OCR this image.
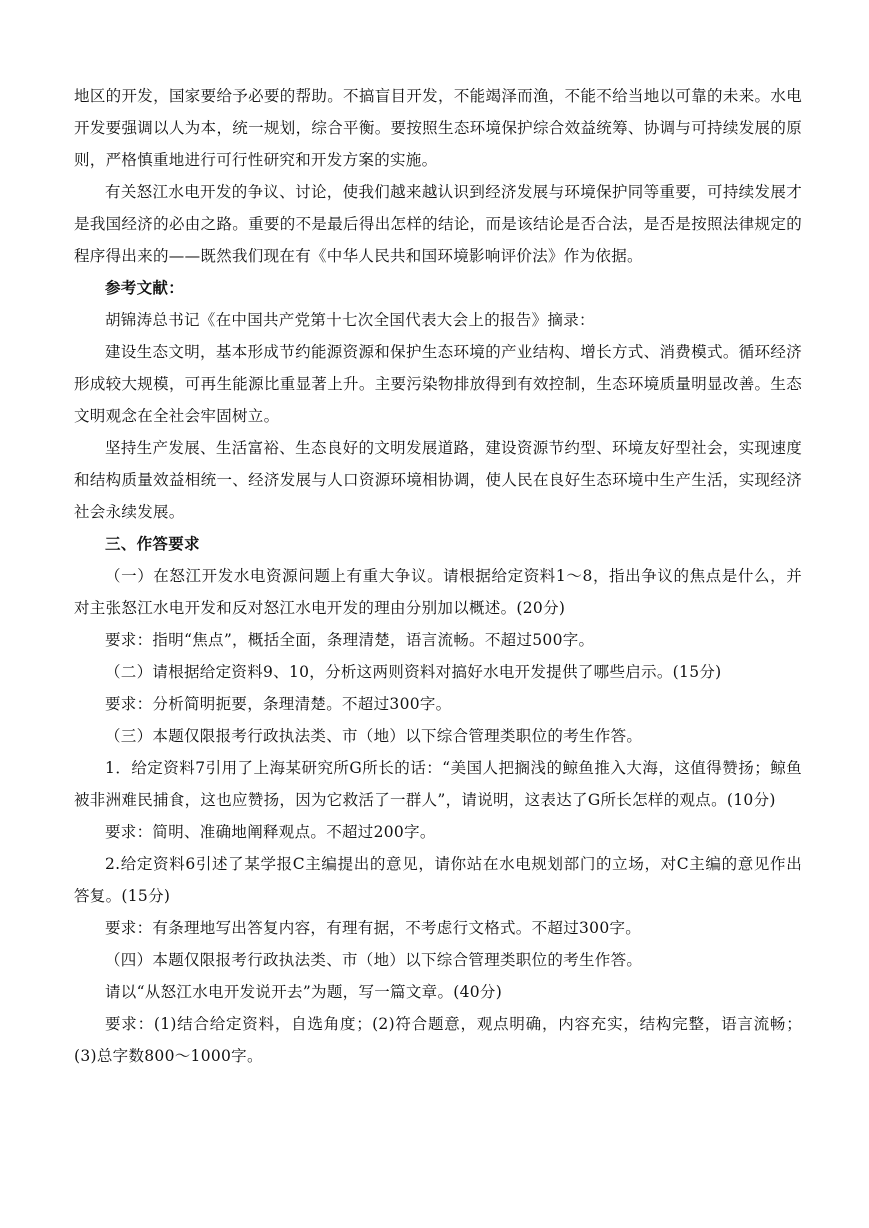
地区的开发，国家要给予必要的帮助。不搞盲目开发，不能竭泽而渔，不能不给当地以可靠的未来。水电开发要强调以人为本，统一规划，综合平衡。要按照生态环境保护综合效益统筹、协调与可持续发展的原则，严格慎重地进行可行性研究和开发方案的实施。

有关怒江水电开发的争议、讨论，使我们越来越认识到经济发展与环境保护同等重要，可持续发展才是我国经济的必由之路。重要的不是最后得出怎样的结论，而是该结论是否合法，是否是按照法律规定的程序得出来的——既然我们现在有《中华人民共和国环境影响评价法》作为依据。

参考文献：

胡锦涛总书记《在中国共产党第十七次全国代表大会上的报告》摘录：

建设生态文明，基本形成节约能源资源和保护生态环境的产业结构、增长方式、消费模式。循环经济形成较大规模，可再生能源比重显著上升。主要污染物排放得到有效控制，生态环境质量明显改善。生态文明观念在全社会牢固树立。

坚持生产发展、生活富裕、生态良好的文明发展道路，建设资源节约型、环境友好型社会，实现速度和结构质量效益相统一、经济发展与人口资源环境相协调，使人民在良好生态环境中生产生活，实现经济社会永续发展。

三、作答要求

（一）在怒江开发水电资源问题上有重大争议。请根据给定资料1～8，指出争议的焦点是什么，并对主张怒江水电开发和反对怒江水电开发的理由分别加以概述。(20分)

要求：指明“焦点”，概括全面，条理清楚，语言流畅。不超过500字。

（二）请根据给定资料9、10，分析这两则资料对搞好水电开发提供了哪些启示。(15分)

要求：分析简明扼要，条理清楚。不超过300字。

（三）本题仅限报考行政执法类、市（地）以下综合管理类职位的考生作答。

1．给定资料7引用了上海某研究所G所长的话：“美国人把搁浅的鲸鱼推入大海，这值得赞扬；鲸鱼被非洲难民捕食，这也应赞扬，因为它救活了一群人”，请说明，这表达了G所长怎样的观点。(10分)

要求：简明、准确地阐释观点。不超过200字。

2.给定资料6引述了某学报C主编提出的意见，请你站在水电规划部门的立场，对C主编的意见作出答复。(15分)

要求：有条理地写出答复内容，有理有据，不考虑行文格式。不超过300字。

（四）本题仅限报考行政执法类、市（地）以下综合管理类职位的考生作答。

请以“从怒江水电开发说开去”为题，写一篇文章。(40分)

要求：(1)结合给定资料，自选角度；(2)符合题意，观点明确，内容充实，结构完整，语言流畅；(3)总字数800～1000字。
